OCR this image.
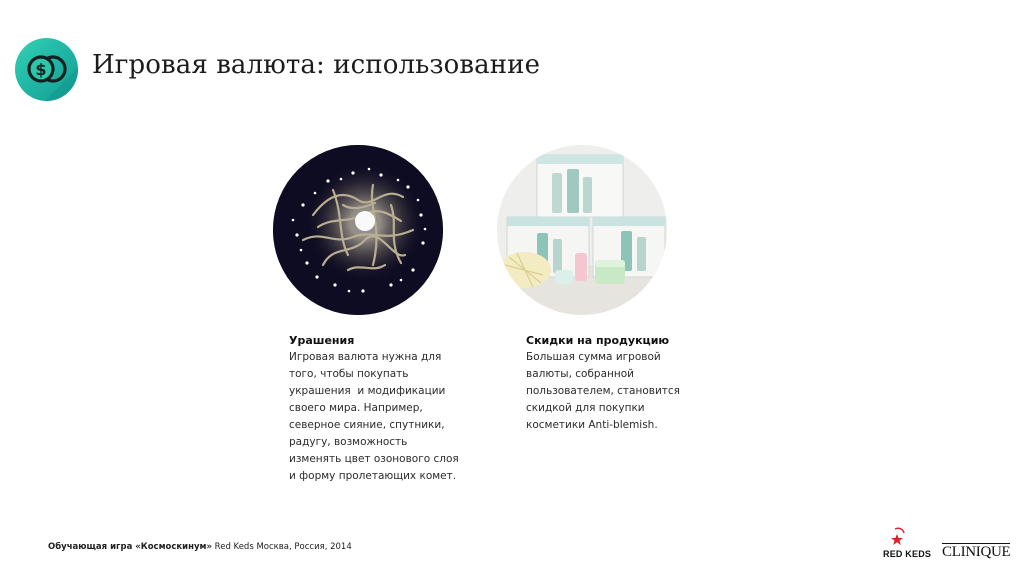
$ Игровая валюта: использование
Урашения

Игровая валюта нужна для

того, чтобы покупать

украшения  и модификации

своего мира. Например,

северное сияние, спутники,

радугу, возможность

изменять цвет озонового слоя

и форму пролетающих комет.

Скидки на продукцию

Большая сумма игровой

валюты, собранной

пользователем, становится

скидкой для покупки

косметики Anti-blemish.

Обучающая игра «Космоскинум» Red Keds Москва, Россия, 2014
RED KEDS CLINIQUE
